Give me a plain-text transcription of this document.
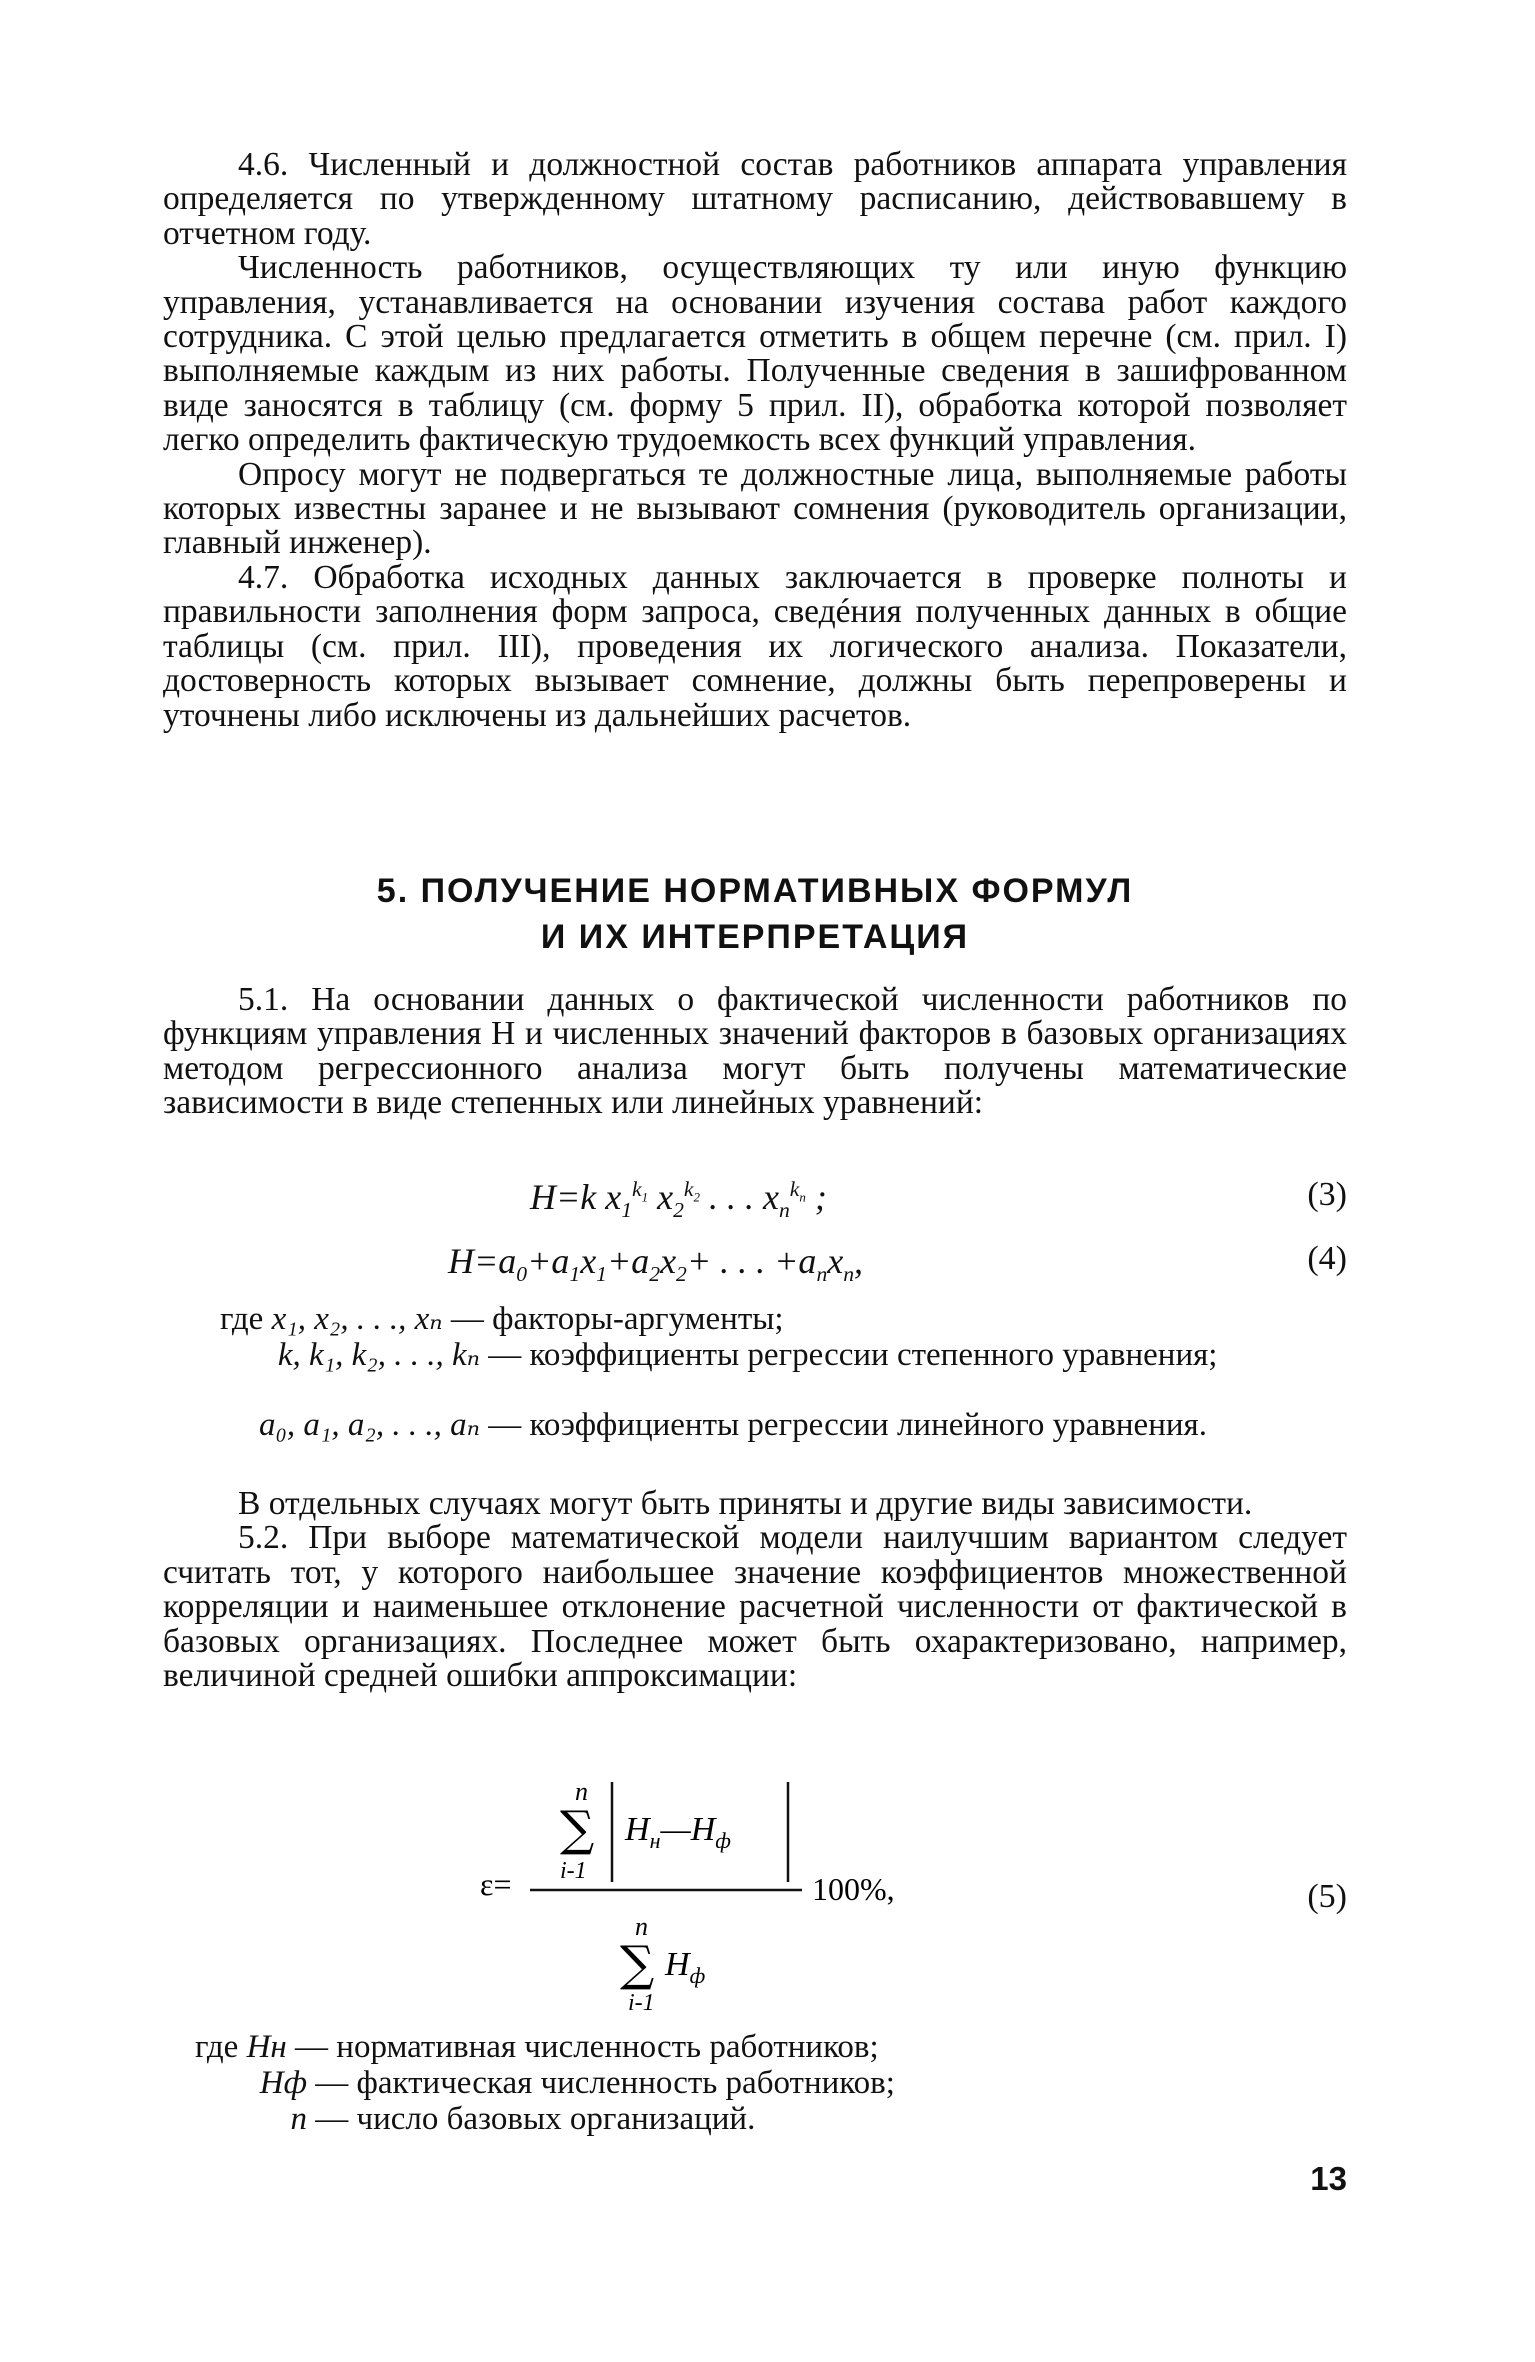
4.6. Численный и должностной состав работников аппарата управления определяется по утвержденному штатному расписанию, действовавшему в отчетном году.

Численность работников, осуществляющих ту или иную функцию управления, устанавливается на основании изучения состава работ каждого сотрудника. С этой целью предлагается отметить в общем перечне (см. прил. I) выполняемые каждым из них работы. Полученные сведения в зашифрованном виде заносятся в таблицу (см. форму 5 прил. II), обработка которой позволяет легко определить фактическую трудоемкость всех функций управления.

Опросу могут не подвергаться те должностные лица, выполняемые работы которых известны заранее и не вызывают сомнения (руководитель организации, главный инженер).

4.7. Обработка исходных данных заключается в проверке полноты и правильности заполнения форм запроса, сведéния полученных данных в общие таблицы (см. прил. III), проведения их логического анализа. Показатели, достоверность которых вызывает сомнение, должны быть перепроверены и уточнены либо исключены из дальнейших расчетов.

5. ПОЛУЧЕНИЕ НОРМАТИВНЫХ ФОРМУЛ
И ИХ ИНТЕРПРЕТАЦИЯ

5.1. На основании данных о фактической численности работников по функциям управления Н и численных значений факторов в базовых организациях методом регрессионного анализа могут быть получены математические зависимости в виде степенных или линейных уравнений:

H=k $x_1^{k_1}$ $x_2^{k_2}$ . . . $x_n^{k_n}$ ;	(3)
$H=a_0+a_1x_1+a_2x_2+$ . . . $+a_nx_n$,	(4)
где x₁, x₂, . . ., xₙ — факторы-аргументы;
k, k₁, k₂, . . ., kₙ — коэффициенты регрессии степенного уравнения;
a₀, a₁, a₂, . . ., aₙ — коэффициенты регрессии линейного уравнения.

В отдельных случаях могут быть приняты и другие виды зависимости.

5.2. При выборе математической модели наилучшим вариантом следует считать тот, у которого наибольшее значение коэффициентов множественной корреляции и наименьшее отклонение расчетной численности от фактической в базовых организациях. Последнее может быть охарактеризовано, например, величиной средней ошибки аппроксимации:

ε=
n
∑
i-1
$H_н—H_ф$
100%,
n
∑ $H_ф$
i-1
(5)
где Hн — нормативная численность работников;
Hф — фактическая численность работников;
n — число базовых организаций.
13
